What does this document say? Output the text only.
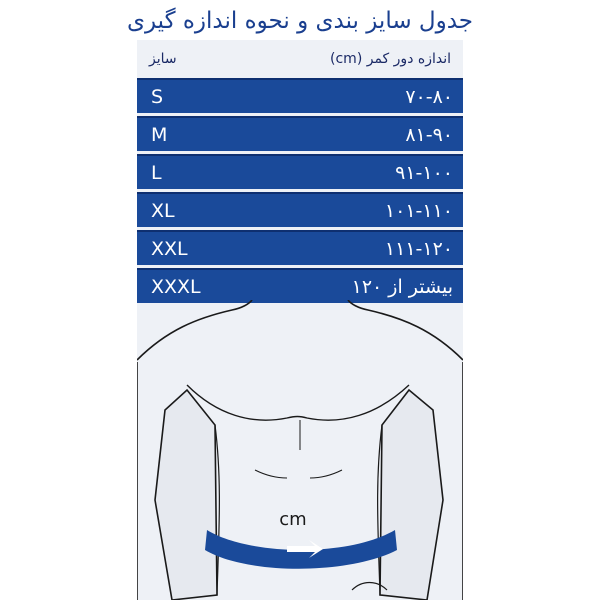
جدول سایز بندی و نحوه اندازه گیری
سایز	اندازه دور کمر (cm)
S	۷۰-۸۰
M	۸۱-۹۰
L	۹۱-۱۰۰
XL	۱۰۱-۱۱۰
XXL	۱۱۱-۱۲۰
XXXL	بیشتر از ۱۲۰
cm
